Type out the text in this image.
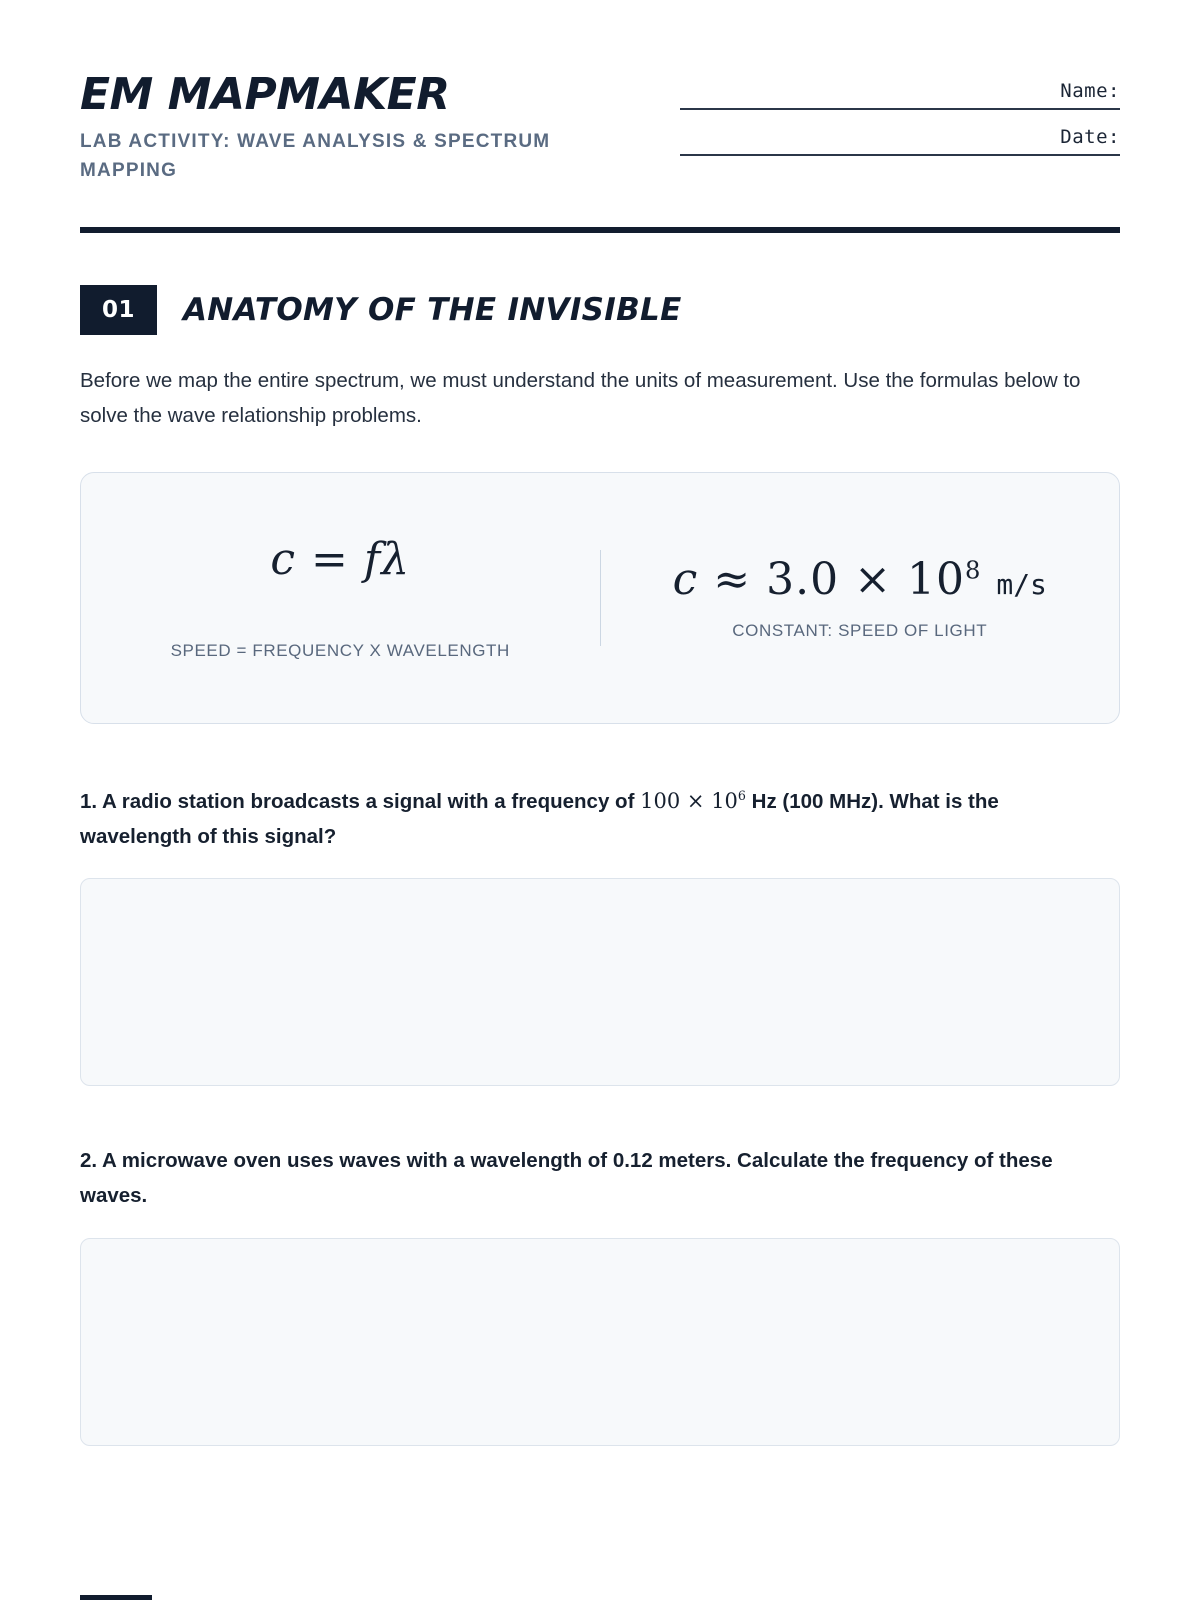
EM MAPMAKER
LAB ACTIVITY: WAVE ANALYSIS & SPECTRUM MAPPING
Name:
Date:
01	ANATOMY OF THE INVISIBLE
Before we map the entire spectrum, we must understand the units of measurement. Use the formulas below to solve the wave relationship problems.
c = fλ
SPEED = FREQUENCY X WAVELENGTH
$c \approx 3.0 \times 10^8$ m/s
CONSTANT: SPEED OF LIGHT
1. A radio station broadcasts a signal with a frequency of $100 \times 10^6$ Hz (100 MHz). What is the wavelength of this signal?
2. A microwave oven uses waves with a wavelength of 0.12 meters. Calculate the frequency of these waves.
